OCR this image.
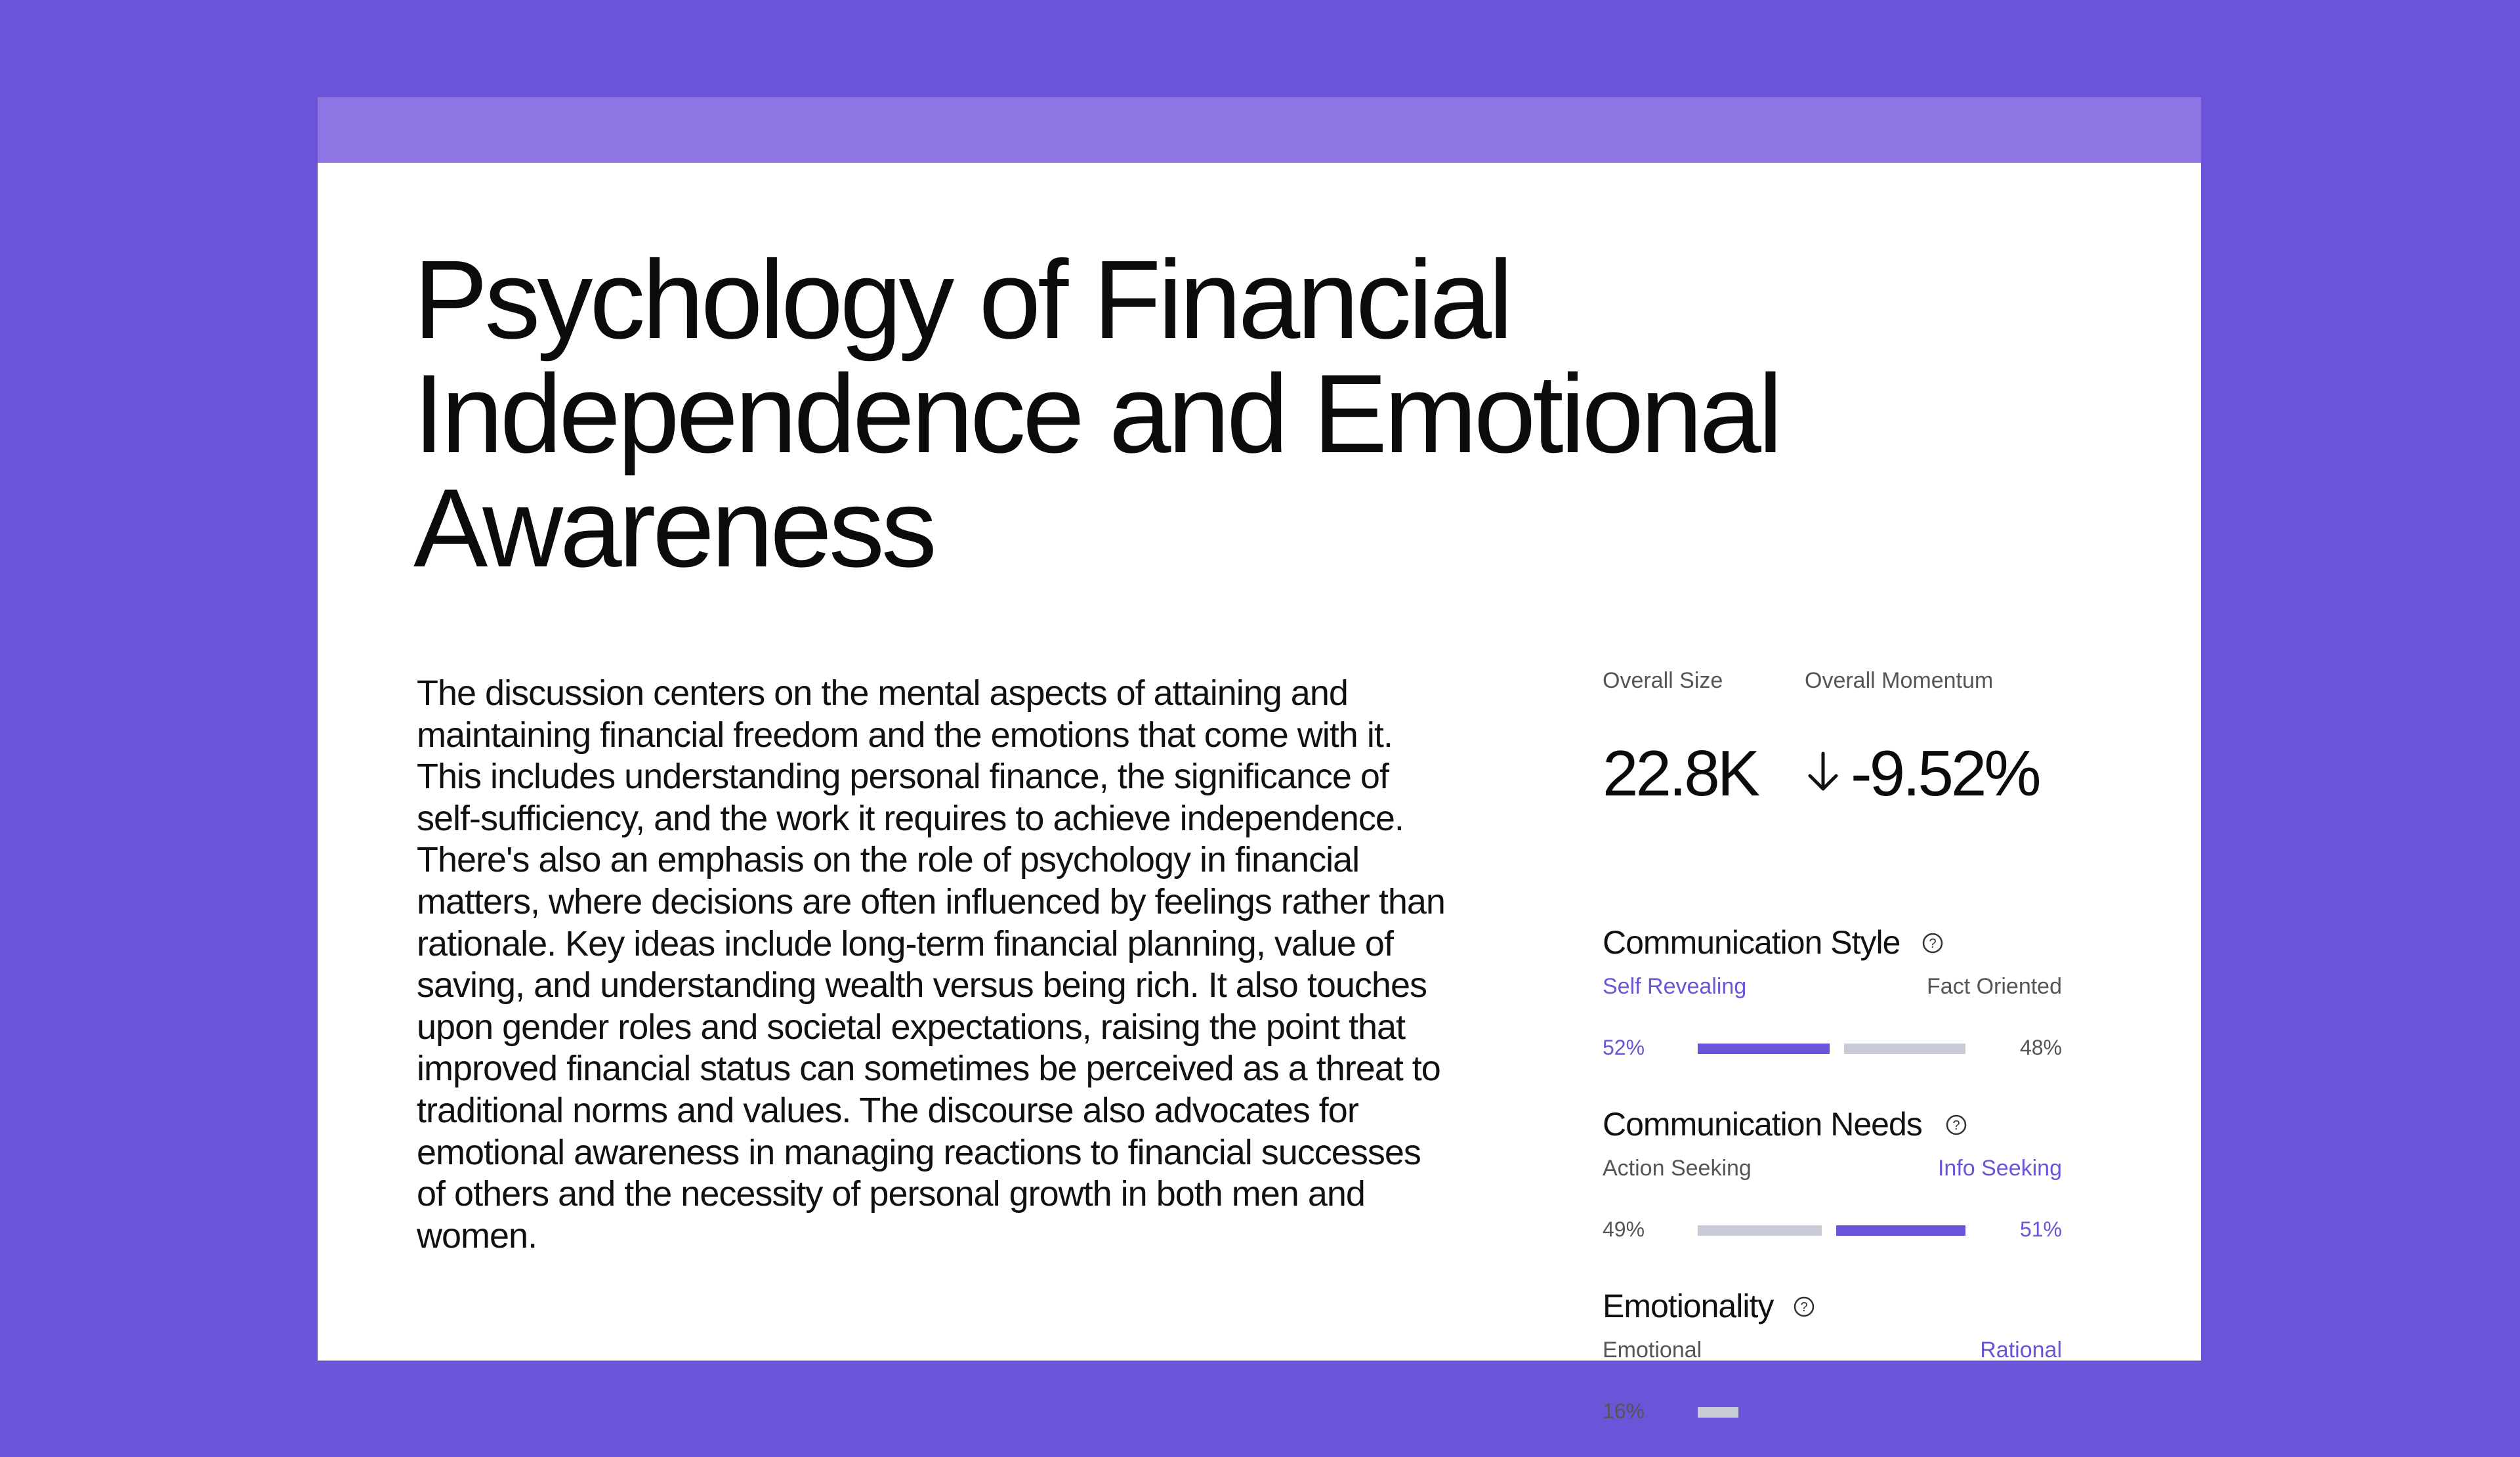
Psychology of Financial Independence and Emotional Awareness

The discussion centers on the mental aspects of attaining and maintaining financial freedom and the emotions that come with it. This includes understanding personal finance, the significance of self-sufficiency, and the work it requires to achieve independence. There's also an emphasis on the role of psychology in financial matters, where decisions are often influenced by feelings rather than rationale. Key ideas include long-term financial planning, value of saving, and understanding wealth versus being rich. It also touches upon gender roles and societal expectations, raising the point that improved financial status can sometimes be perceived as a threat to traditional norms and values. The discourse also advocates for emotional awareness in managing reactions to financial successes of others and the necessity of personal growth in both men and women.

Overall Size	Overall Momentum
22.8K -9.52%
Communication Style ?
Self Revealing	Fact Oriented
52%	48%
Communication Needs ?
Action Seeking	Info Seeking
49%	51%
Emotionality ?
Emotional	Rational
16%	84%
